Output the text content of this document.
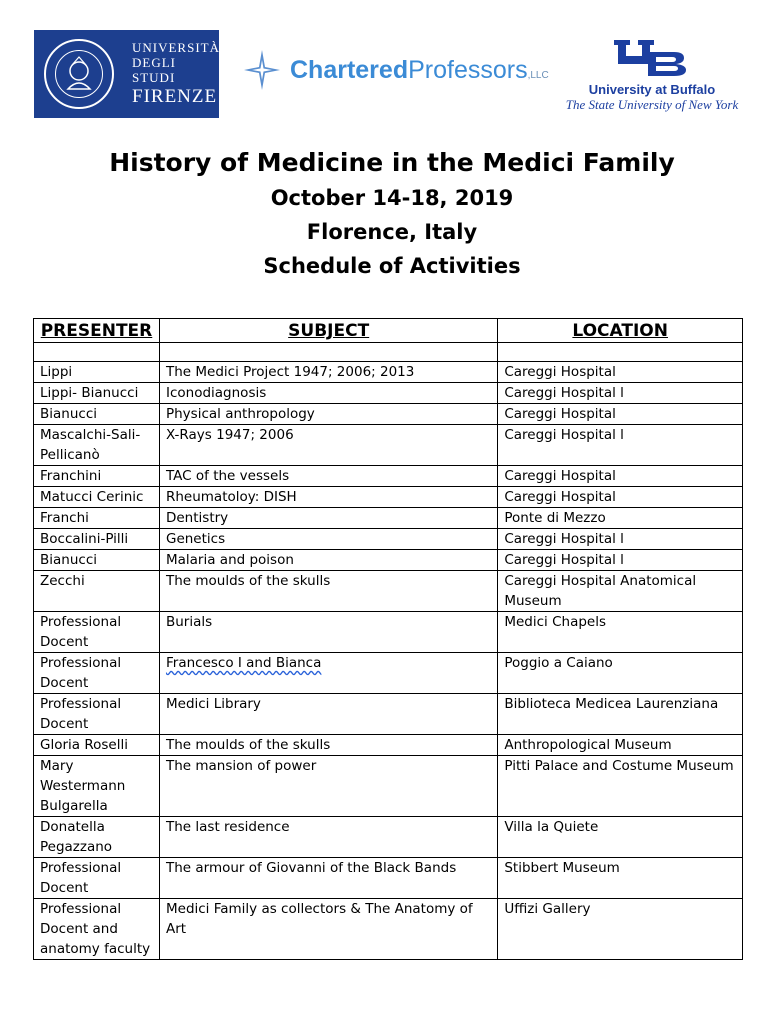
UNIVERSITÀ
DEGLI STUDI
FIRENZE
CharteredProfessors,LLC
University at Buffalo
The State University of New York
History of Medicine in the Medici Family
October 14-18, 2019
Florence, Italy
Schedule of Activities
PRESENTER	SUBJECT	LOCATION

Lippi	The Medici Project 1947; 2006; 2013	Careggi Hospital
Lippi- Bianucci	Iconodiagnosis	Careggi Hospital l
Bianucci	Physical anthropology	Careggi Hospital
Mascalchi-Sali-Pellicanò	X-Rays 1947; 2006	Careggi Hospital l
Franchini	TAC of the vessels	Careggi Hospital
Matucci Cerinic	Rheumatoloy: DISH	Careggi Hospital
Franchi	Dentistry	Ponte di Mezzo
Boccalini-Pilli	Genetics	Careggi Hospital l
Bianucci	Malaria and poison	Careggi Hospital l
Zecchi	The moulds of the skulls	Careggi Hospital Anatomical Museum
Professional Docent	Burials	Medici Chapels
Professional Docent	Francesco I and Bianca	Poggio a Caiano
Professional Docent	Medici Library	Biblioteca Medicea Laurenziana
Gloria Roselli	The moulds of the skulls	Anthropological Museum
Mary Westermann Bulgarella	The mansion of power	Pitti Palace and Costume Museum
Donatella Pegazzano	The last residence	Villa la Quiete
Professional Docent	The armour of Giovanni of the Black Bands	Stibbert Museum
Professional Docent and anatomy faculty	Medici Family as collectors & The Anatomy of Art	Uffizi Gallery
